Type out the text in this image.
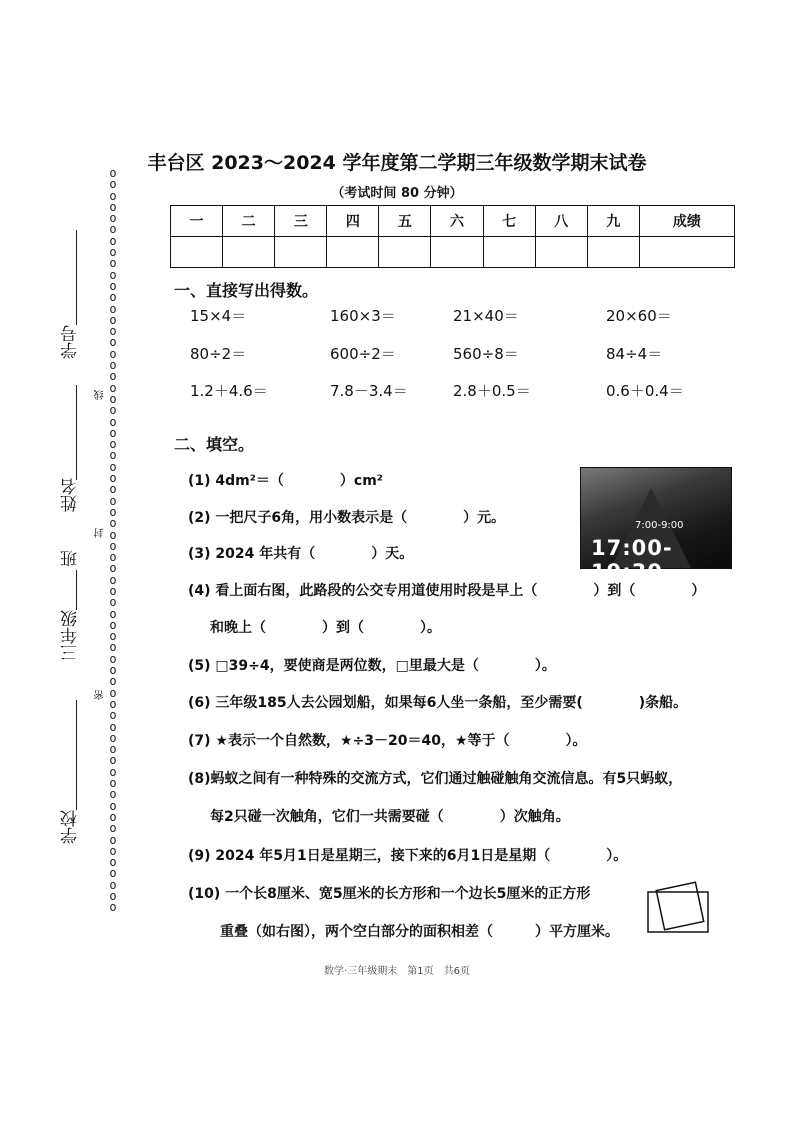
o
o
o
o
o
o
o
o
o
o
o
o
o
o
o
o
o
o
o
o
o
o
o
o
o
o
o
o
o
o
o
o
o
o
o
o
o
o
o
o
o
o
o
o
o
o
o
o
o
o
o
o
o
o
o
o
o
o
o
o
o
o
o
o
o
o
学校
三年级
班
姓名
学号
密
封
线
丰台区 2023～2024 学年度第二学期三年级数学期末试卷
（考试时间 80 分钟）
一	二	三	四	五	六	七	八	九	成绩

一、直接写出得数。
15×4＝	160×3＝	21×40＝	20×60＝
80÷2＝	600÷2＝	560÷8＝	84÷4＝
1.2＋4.6＝	7.8－3.4＝	2.8＋0.5＝	0.6＋0.4＝
二、填空。
(1) 4dm²＝（　　　　）cm²
(2) 一把尺子6角，用小数表示是（　　　　）元。
(3) 2024 年共有（　　　　）天。
(4) 看上面右图，此路段的公交专用道使用时段是早上（　　　　）到（　　　　）
和晚上（　　　　）到（　　　　）。
(5) □39÷4，要使商是两位数，□里最大是（　　　　）。
(6) 三年级185人去公园划船，如果每6人坐一条船，至少需要(　　　　)条船。
(7) ★表示一个自然数，★÷3－20＝40，★等于（　　　　）。
(8)蚂蚁之间有一种特殊的交流方式，它们通过触碰触角交流信息。有5只蚂蚁，
每2只碰一次触角，它们一共需要碰（　　　　）次触角。
(9) 2024 年5月1日是星期三，接下来的6月1日是星期（　　　　）。
(10) 一个长8厘米、宽5厘米的长方形和一个边长5厘米的正方形
重叠（如右图），两个空白部分的面积相差（　　　）平方厘米。
7:00-9:00
17:00-19:30
数学·三年级期末　第1页　共6页
